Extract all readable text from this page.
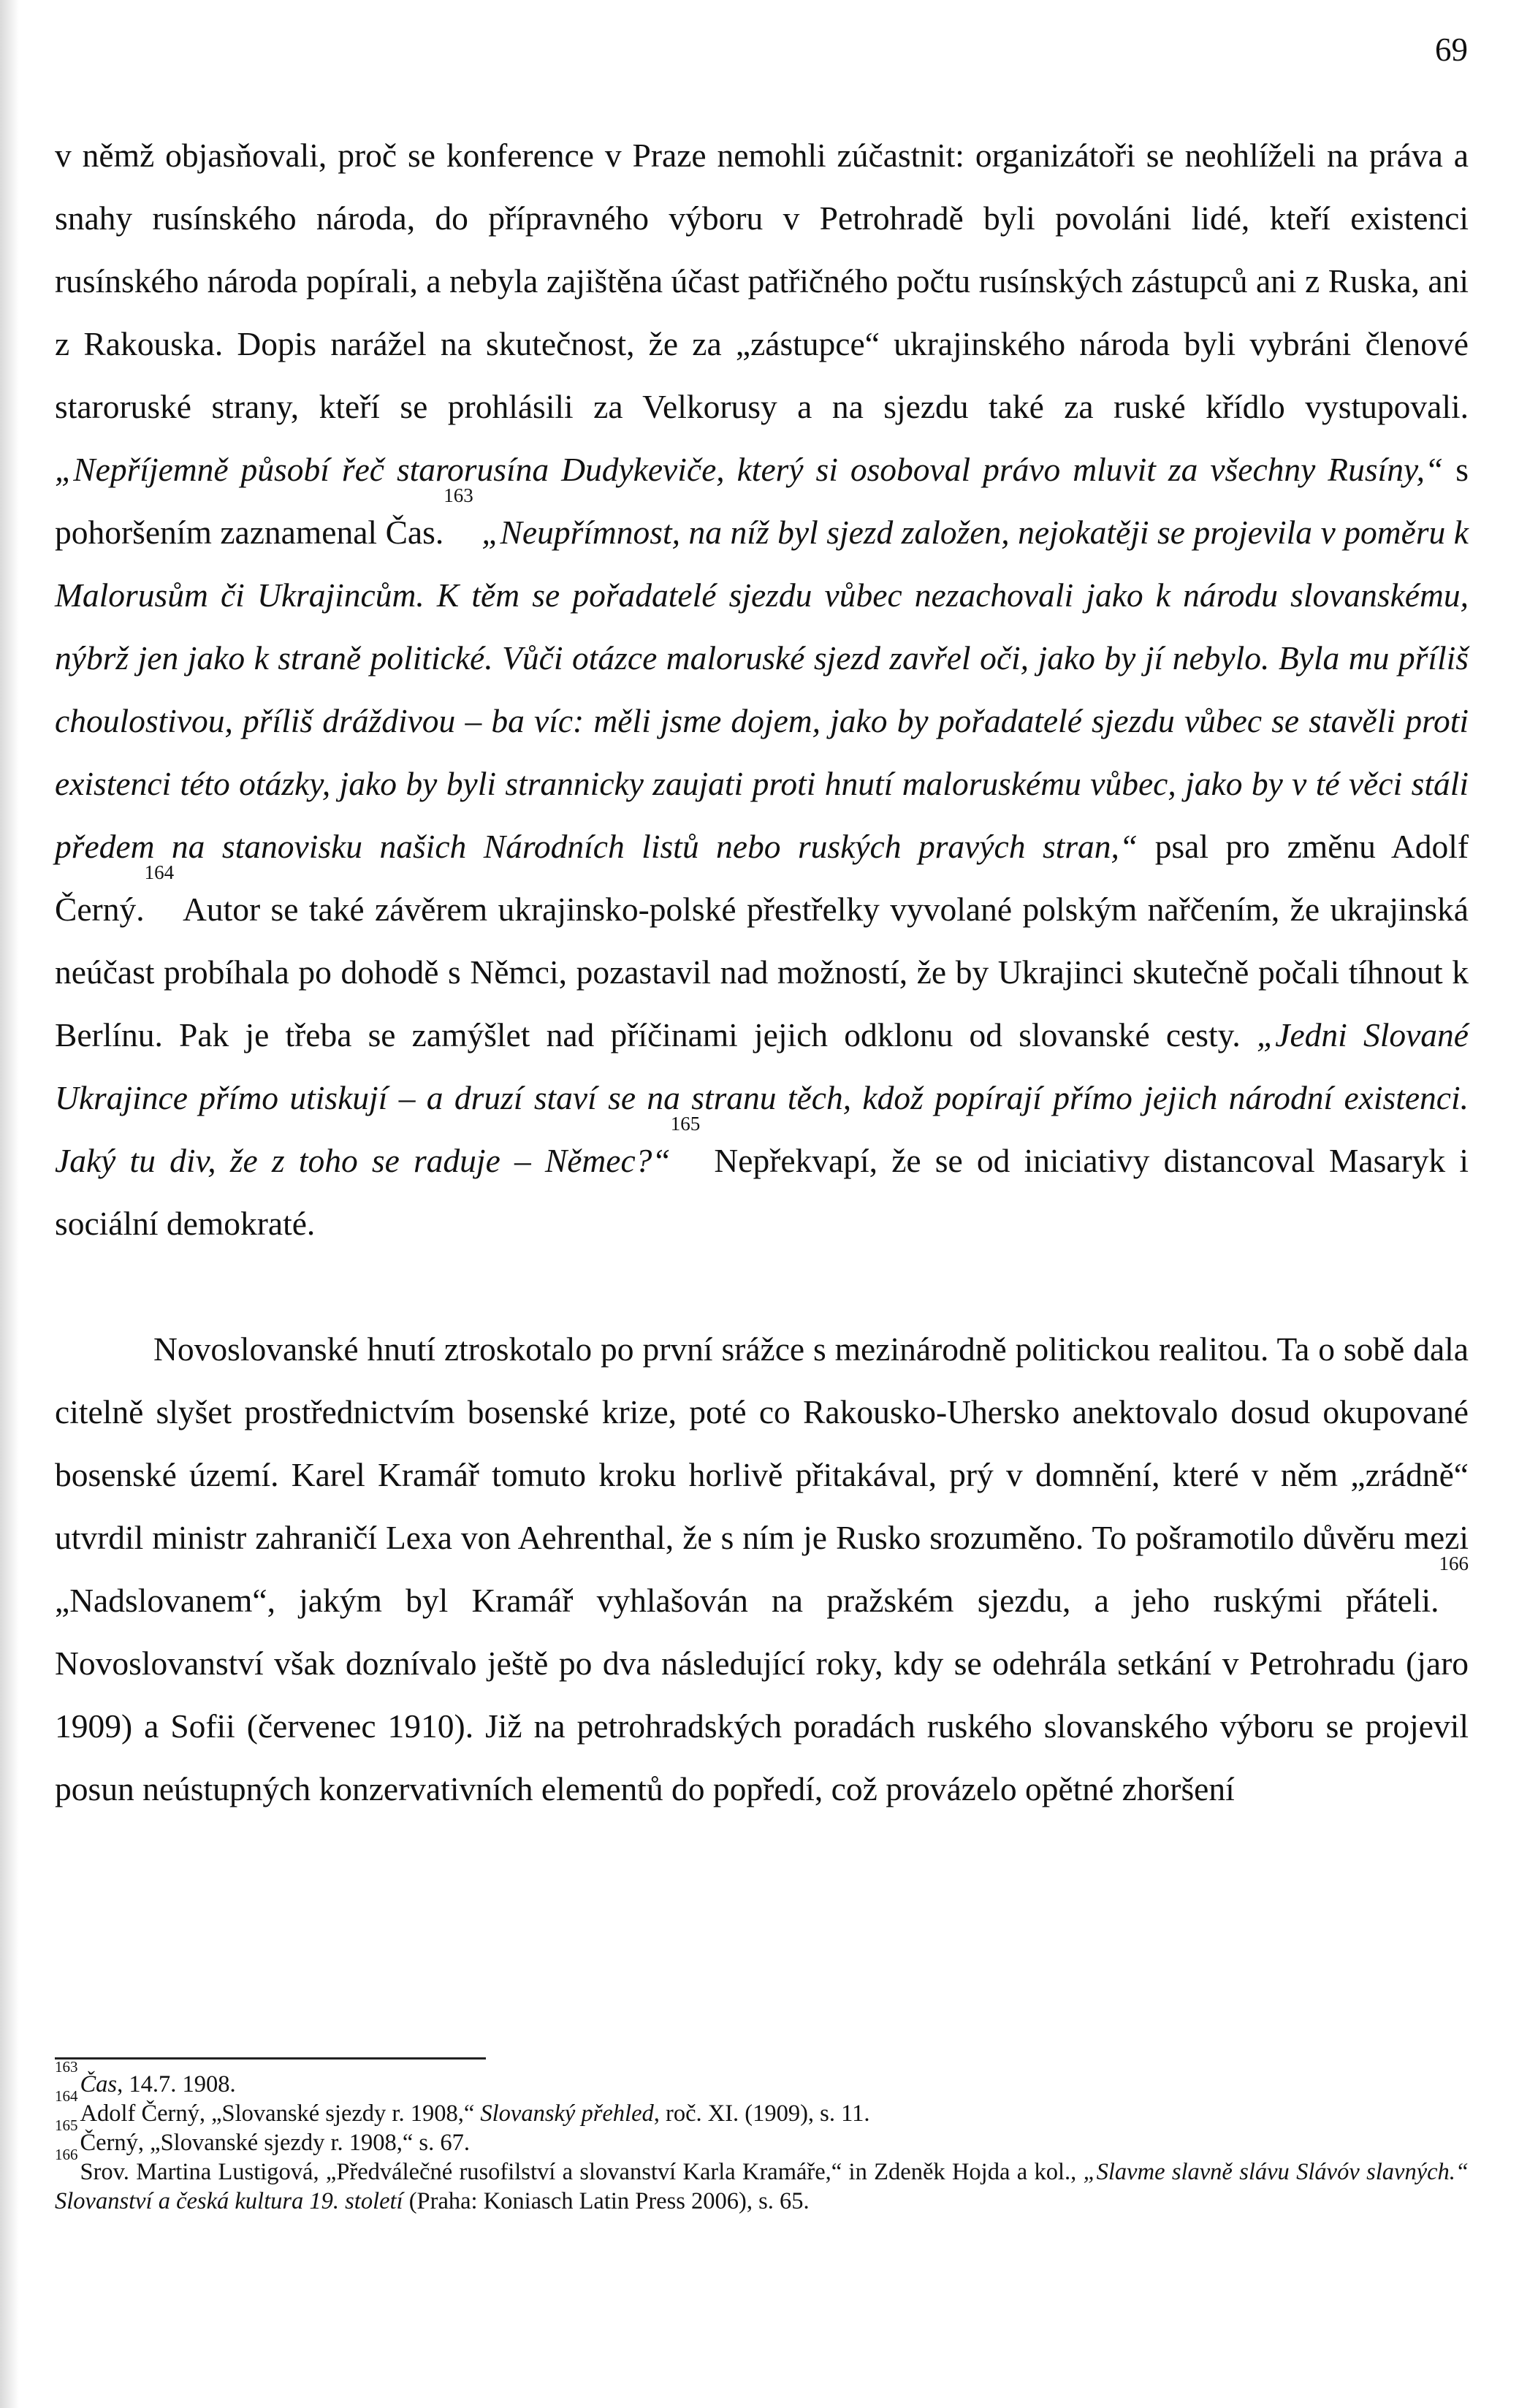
69

v němž objasňovali, proč se konference v Praze nemohli zúčastnit: organizátoři se neohlíželi na práva a snahy rusínského národa, do přípravného výboru v Petrohradě byli povoláni lidé, kteří existenci rusínského národa popírali, a nebyla zajištěna účast patřičného počtu rusínských zástupců ani z Ruska, ani z Rakouska. Dopis narážel na skutečnost, že za „zástupce“ ukrajinského národa byli vybráni členové staroruské strany, kteří se prohlásili za Velkorusy a na sjezdu také za ruské křídlo vystupovali. „Nepříjemně působí řeč starorusína Dudykeviče, který si osoboval právo mluvit za všechny Rusíny,“ s pohoršením zaznamenal Čas.$^{163}$ „Neupřímnost, na níž byl sjezd založen, nejokatěji se projevila v poměru k Malorusům či Ukrajincům. K těm se pořadatelé sjezdu vůbec nezachovali jako k národu slovanskému, nýbrž jen jako k straně politické. Vůči otázce maloruské sjezd zavřel oči, jako by jí nebylo. Byla mu příliš choulostivou, příliš dráždivou – ba víc: měli jsme dojem, jako by pořadatelé sjezdu vůbec se stavěli proti existenci této otázky, jako by byli strannicky zaujati proti hnutí maloruskému vůbec, jako by v té věci stáli předem na stanovisku našich Národních listů nebo ruských pravých stran,“ psal pro změnu Adolf Černý.$^{164}$ Autor se také závěrem ukrajinsko-polské přestřelky vyvolané polským nařčením, že ukrajinská neúčast probíhala po dohodě s Němci, pozastavil nad možností, že by Ukrajinci skutečně počali tíhnout k Berlínu. Pak je třeba se zamýšlet nad příčinami jejich odklonu od slovanské cesty. „Jedni Slované Ukrajince přímo utiskují – a druzí staví se na stranu těch, kdož popírají přímo jejich národní existenci. Jaký tu div, že z toho se raduje – Němec?“$^{165}$ Nepřekvapí, že se od iniciativy distancoval Masaryk i sociální demokraté.

Novoslovanské hnutí ztroskotalo po první srážce s mezinárodně politickou realitou. Ta o sobě dala citelně slyšet prostřednictvím bosenské krize, poté co Rakousko-Uhersko anektovalo dosud okupované bosenské území. Karel Kramář tomuto kroku horlivě přitakával, prý v domnění, které v něm „zrádně“ utvrdil ministr zahraničí Lexa von Aehrenthal, že s ním je Rusko srozuměno. To pošramotilo důvěru mezi „Nadslovanem“, jakým byl Kramář vyhlašován na pražském sjezdu, a jeho ruskými přáteli.$^{166}$ Novoslovanství však doznívalo ještě po dva následující roky, kdy se odehrála setkání v Petrohradu (jaro 1909) a Sofii (červenec 1910). Již na petrohradských poradách ruského slovanského výboru se projevil posun neústupných konzervativních elementů do popředí, což provázelo opětné zhoršení

$^{163}$Čas, 14.7. 1908.

$^{164}$Adolf Černý, „Slovanské sjezdy r. 1908,“ Slovanský přehled, roč. XI. (1909), s. 11.

$^{165}$Černý, „Slovanské sjezdy r. 1908,“ s. 67.

$^{166}$Srov. Martina Lustigová, „Předválečné rusofilství a slovanství Karla Kramáře,“ in Zdeněk Hojda a kol., „Slavme slavně slávu Slávóv slavných.“ Slovanství a česká kultura 19. století (Praha: Koniasch Latin Press 2006), s. 65.
